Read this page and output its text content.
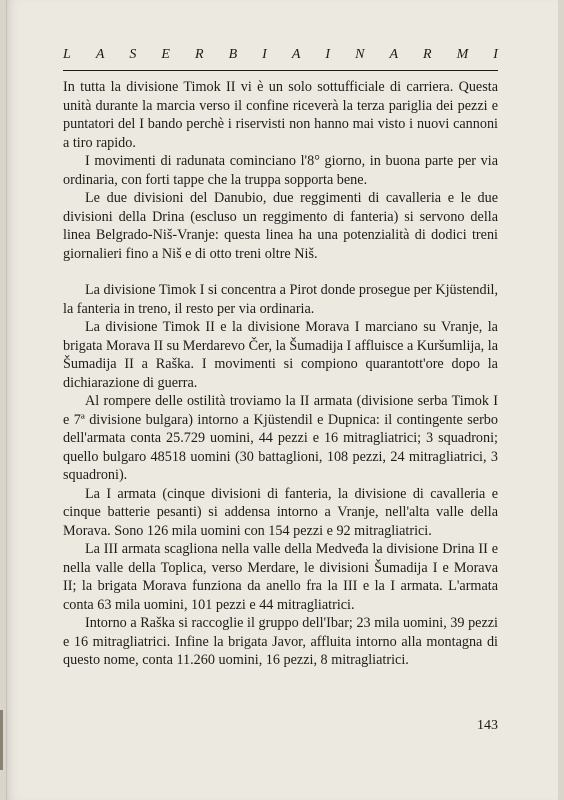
L A S E R B I A I N A R M I

In tutta la divisione Timok II vi è un solo sottufficiale di carriera. Questa unità durante la marcia verso il confine riceverà la terza pariglia dei pezzi e puntatori del I bando perchè i riservisti non hanno mai visto i nuovi cannoni a tiro rapido.

I movimenti di radunata cominciano l'8° giorno, in buona parte per via ordinaria, con forti tappe che la truppa sopporta bene.

Le due divisioni del Danubio, due reggimenti di cavalleria e le due divisioni della Drina (escluso un reggimento di fanteria) si servono della linea Belgrado-Niš-Vranje: questa linea ha una potenzialità di dodici treni giornalieri fino a Niš e di otto treni oltre Niš.

La divisione Timok I si concentra a Pirot donde prosegue per Kjüstendil, la fanteria in treno, il resto per via ordinaria.

La divisione Timok II e la divisione Morava I marciano su Vranje, la brigata Morava II su Merdarevo Čer, la Šumadija I affluisce a Kuršumlija, la Šumadija II a Raška. I movimenti si compiono quarantott'ore dopo la dichiarazione di guerra.

Al rompere delle ostilità troviamo la II armata (divisione serba Timok I e 7ª divisione bulgara) intorno a Kjüstendil e Dupnica: il contingente serbo dell'armata conta 25.729 uomini, 44 pezzi e 16 mitragliatrici; 3 squadroni; quello bulgaro 48518 uomini (30 battaglioni, 108 pezzi, 24 mitragliatrici, 3 squadroni).

La I armata (cinque divisioni di fanteria, la divisione di cavalleria e cinque batterie pesanti) si addensa intorno a Vranje, nell'alta valle della Morava. Sono 126 mila uomini con 154 pezzi e 92 mitragliatrici.

La III armata scagliona nella valle della Medveđa la divisione Drina II e nella valle della Toplica, verso Merdare, le divisioni Šumadija I e Morava II; la brigata Morava funziona da anello fra la III e la I armata. L'armata conta 63 mila uomini, 101 pezzi e 44 mitragliatrici.

Intorno a Raška si raccoglie il gruppo dell'Ibar; 23 mila uomini, 39 pezzi e 16 mitragliatrici. Infine la brigata Javor, affluita intorno alla montagna di questo nome, conta 11.260 uomini, 16 pezzi, 8 mitragliatrici.

143
